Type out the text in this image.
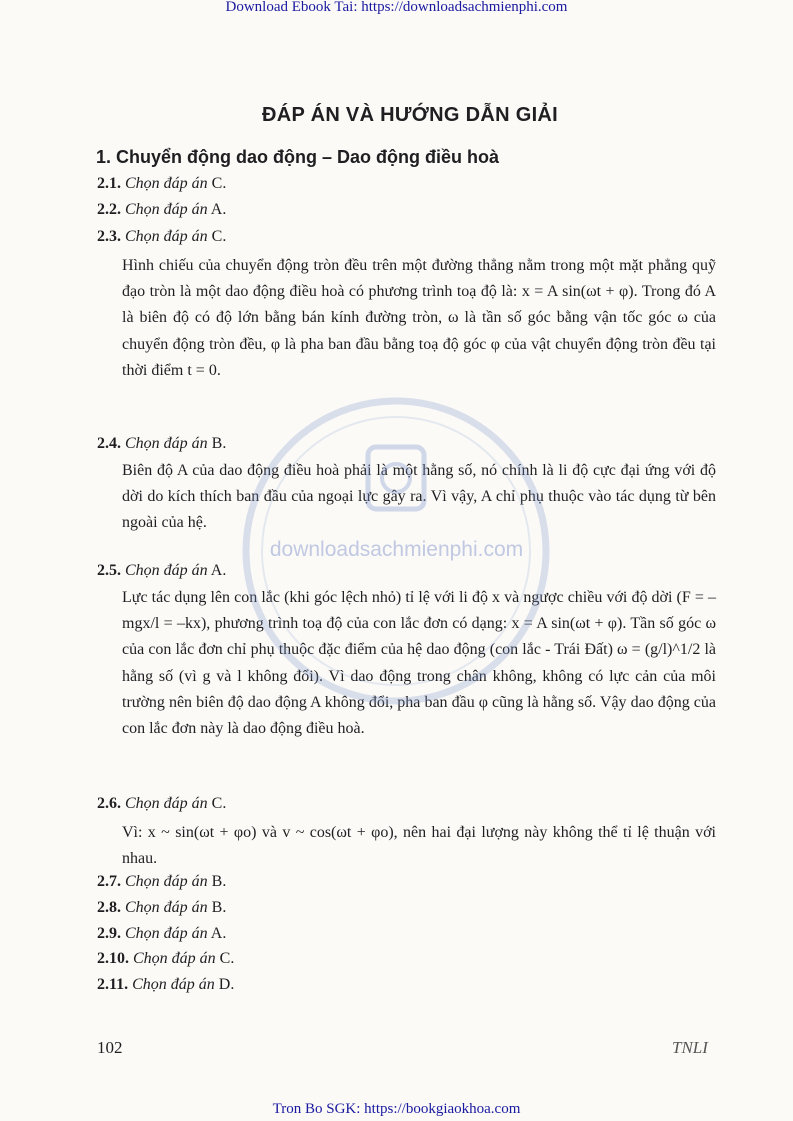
Download Ebook Tai: https://downloadsachmienphi.com
ĐÁP ÁN VÀ HƯỚNG DẪN GIẢI
1. Chuyển động dao động – Dao động điều hoà
2.1. Chọn đáp án C.
2.2. Chọn đáp án A.
2.3. Chọn đáp án C.

Hình chiếu của chuyển động tròn đều trên một đường thẳng nằm trong một mặt phẳng quỹ đạo tròn là một dao động điều hoà có phương trình toạ độ là: x = A sin(ωt + φ). Trong đó A là biên độ có độ lớn bằng bán kính đường tròn, ω là tần số góc bằng vận tốc góc ω của chuyển động tròn đều, φ là pha ban đầu bằng toạ độ góc φ của vật chuyển động tròn đều tại thời điểm t = 0.

2.4. Chọn đáp án B.

Biên độ A của dao động điều hoà phải là một hằng số, nó chính là li độ cực đại ứng với độ dời do kích thích ban đầu của ngoại lực gây ra. Vì vậy, A chỉ phụ thuộc vào tác dụng từ bên ngoài của hệ.

2.5. Chọn đáp án A.

Lực tác dụng lên con lắc (khi góc lệch nhỏ) tỉ lệ với li độ x và ngược chiều với độ dời (F = –mgx/l = –kx), phương trình toạ độ của con lắc đơn có dạng: x = A sin(ωt + φ). Tần số góc ω của con lắc đơn chỉ phụ thuộc đặc điểm của hệ dao động (con lắc - Trái Đất) ω = (g/l)^1/2 là hằng số (vì g và l không đổi). Vì dao động trong chân không, không có lực cản của môi trường nên biên độ dao động A không đổi, pha ban đầu φ cũng là hằng số. Vậy dao động của con lắc đơn này là dao động điều hoà.

2.6. Chọn đáp án C.

Vì: x ~ sin(ωt + φo) và v ~ cos(ωt + φo), nên hai đại lượng này không thể tỉ lệ thuận với nhau.

2.7. Chọn đáp án B.
2.8. Chọn đáp án B.
2.9. Chọn đáp án A.
2.10. Chọn đáp án C.
2.11. Chọn đáp án D.
downloadsachmienphi.com
102	TNLI
Tron Bo SGK: https://bookgiaokhoa.com
